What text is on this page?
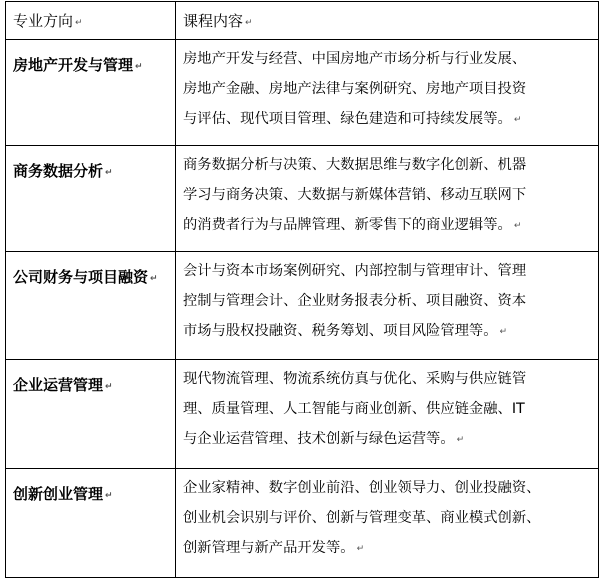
专业方向 ↵	课程内容 ↵
房地产开发与管理 ↵	房地产开发与经营、中国房地产市场分析与行业发展、
房地产金融、房地产法律与案例研究、房地产项目投资
与评估、现代项目管理、绿色建造和可持续发展等。 ↵

商务数据分析 ↵	商务数据分析与决策、大数据思维与数字化创新、机器
学习与商务决策、大数据与新媒体营销、移动互联网下
的消费者行为与品牌管理、新零售下的商业逻辑等。 ↵

公司财务与项目融资 ↵	会计与资本市场案例研究、内部控制与管理审计、管理
控制与管理会计、企业财务报表分析、项目融资、资本
市场与股权投融资、税务筹划、项目风险管理等。 ↵

企业运营管理 ↵	现代物流管理、物流系统仿真与优化、采购与供应链管
理、质量管理、人工智能与商业创新、供应链金融、IT
与企业运营管理、技术创新与绿色运营等。 ↵

创新创业管理 ↵	企业家精神、数字创业前沿、创业领导力、创业投融资、
创业机会识别与评价、创新与管理变革、商业模式创新、
创新管理与新产品开发等。 ↵
